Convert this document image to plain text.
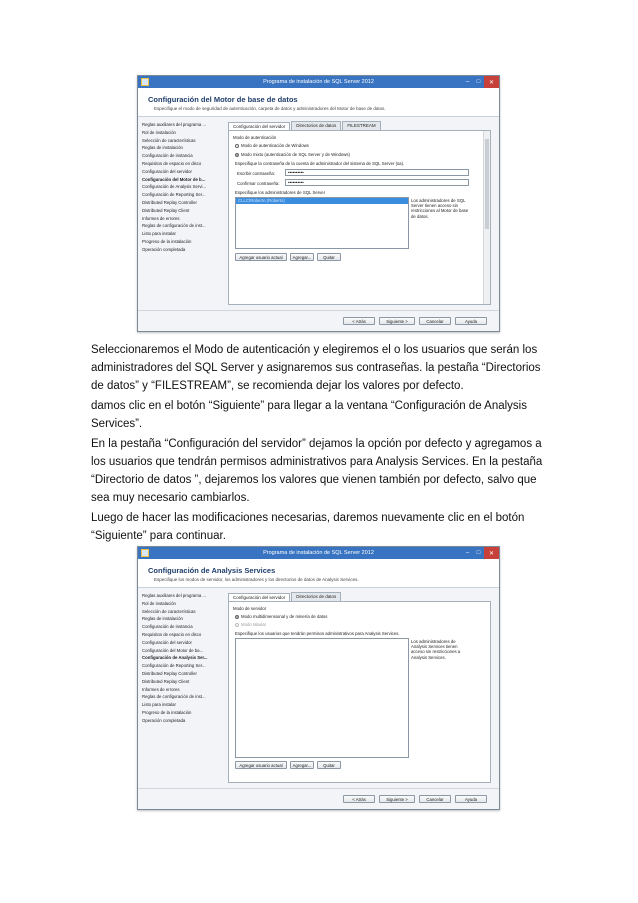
Programa de instalación de SQL Server 2012	–	□	✕
Configuración del Motor de base de datos
Especifique el modo de seguridad de autenticación, carpeta de datos y administradores del Motor de base de datos.
Reglas auxiliares del programa ...
Rol de instalación
Selección de características
Reglas de instalación
Configuración de instancia
Requisitos de espacio en disco
Configuración del servidor
Configuración del Motor de b...
Configuración de Analysis Servi...
Configuración de Reporting Ser...
Distributed Replay Controller
Distributed Replay Client
Informes de errores
Reglas de configuración de inst...
Listo para instalar
Progreso de la instalación
Operación completada
Configuración del servidor	Directorios de datos	FILESTREAM
Modo de autenticación
Modo de autenticación de Windows
Modo mixto (autenticación de SQL Server y de Windows)
Especifique la contraseña de la cuenta de administrador del sistema de SQL Server (sa).
Escribir contraseña:	••••••••••
Confirmar contraseña:	••••••••••
Especifique los administradores de SQL Server
CLLC\Roberto (Roberto)	Los administradores de SQL Server tienen acceso sin restricciones al Motor de base de datos.
Agregar usuario actual	Agregar...	Quitar
< Atrás	Siguiente >	Cancelar	Ayuda
Seleccionaremos el Modo de autenticación y elegiremos el o los usuarios que serán los administradores del SQL Server y asignaremos sus contraseñas. la pestaña “Directorios de datos” y “FILESTREAM”, se recomienda dejar los valores por defecto.
damos clic en el botón “Siguiente” para llegar a la ventana “Configuración de Analysis Services”.
En la pestaña “Configuración del servidor” dejamos la opción por defecto y agregamos a los usuarios que tendrán permisos administrativos para Analysis Services. En la pestaña “Directorio de datos ”, dejaremos los valores que vienen también por defecto, salvo que sea muy necesario cambiarlos.
Luego de hacer las modificaciones necesarias, daremos nuevamente clic en el botón “Siguiente” para continuar.
Programa de instalación de SQL Server 2012	–	□	✕
Configuración de Analysis Services
Especifique los modos de servidor, los administradores y los directorios de datos de Analysis Services.
Reglas auxiliares del programa ...
Rol de instalación
Selección de características
Reglas de instalación
Configuración de instancia
Requisitos de espacio en disco
Configuración del servidor
Configuración del Motor de ba...
Configuración de Analysis Ser...
Configuración de Reporting Ser...
Distributed Replay Controller
Distributed Replay Client
Informes de errores
Reglas de configuración de inst...
Listo para instalar
Progreso de la instalación
Operación completada
Configuración del servidor	Directorios de datos
Modo de servidor
Modo multidimensional y de minería de datos
Modo tabular
Especifique los usuarios que tendrán permisos administrativos para Analysis Services.
Los administradores de Analysis Services tienen acceso sin restricciones a Analysis Services.
Agregar usuario actual	Agregar...	Quitar
< Atrás	Siguiente >	Cancelar	Ayuda
